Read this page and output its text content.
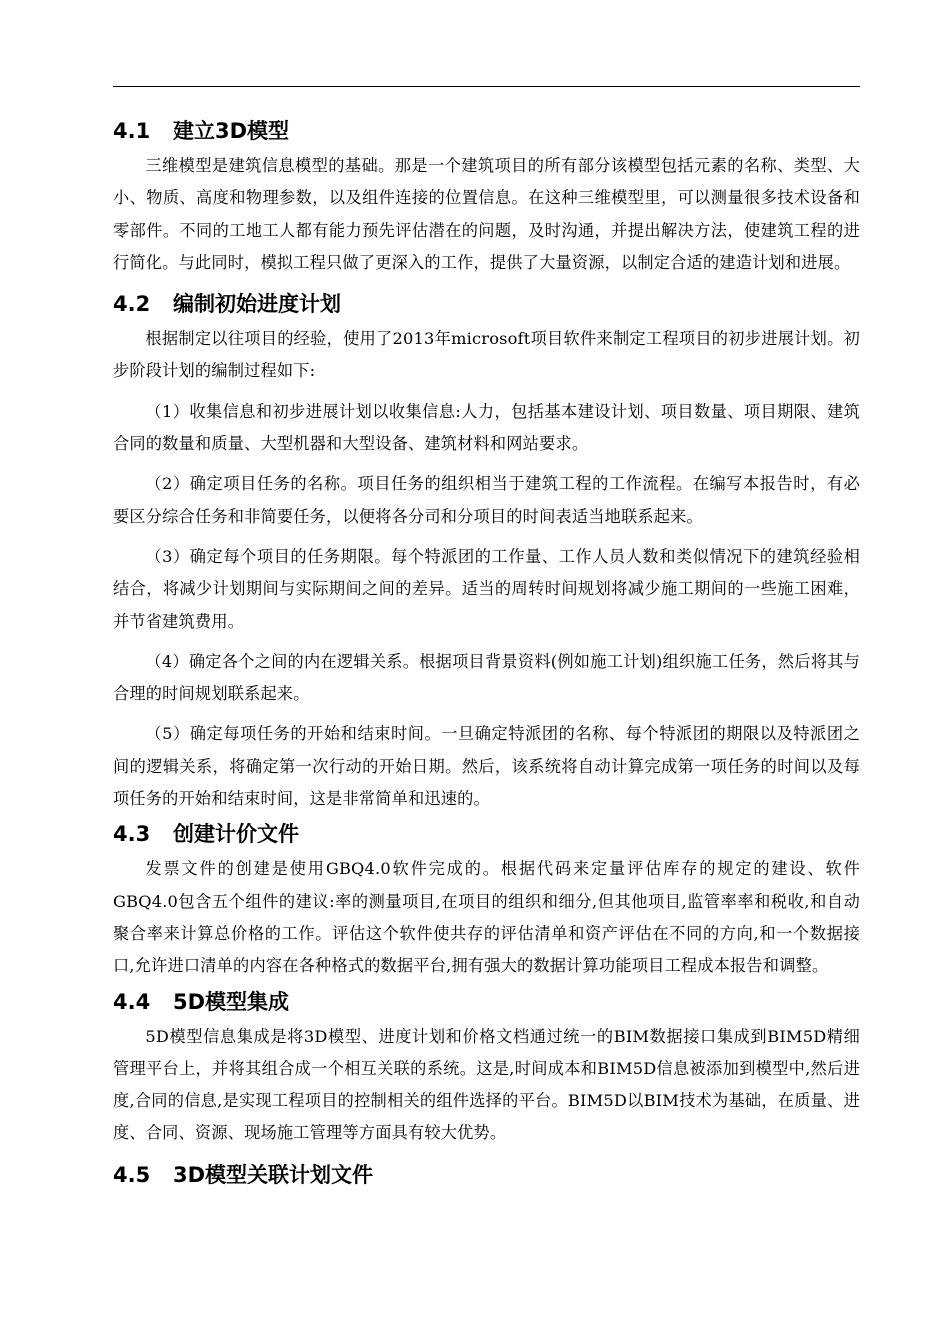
4.1 建立3D模型

三维模型是建筑信息模型的基础。那是一个建筑项目的所有部分该模型包括元素的名称、类型、大小、物质、高度和物理参数，以及组件连接的位置信息。在这种三维模型里，可以测量很多技术设备和零部件。不同的工地工人都有能力预先评估潜在的问题，及时沟通，并提出解决方法，使建筑工程的进行简化。与此同时，模拟工程只做了更深入的工作，提供了大量资源，以制定合适的建造计划和进展。

4.2 编制初始进度计划

根据制定以往项目的经验，使用了2013年microsoft项目软件来制定工程项目的初步进展计划。初步阶段计划的编制过程如下:

（1）收集信息和初步进展计划以收集信息:人力，包括基本建设计划、项目数量、项目期限、建筑合同的数量和质量、大型机器和大型设备、建筑材料和网站要求。

（2）确定项目任务的名称。项目任务的组织相当于建筑工程的工作流程。在编写本报告时，有必要区分综合任务和非简要任务，以便将各分司和分项目的时间表适当地联系起来。

（3）确定每个项目的任务期限。每个特派团的工作量、工作人员人数和类似情况下的建筑经验相结合，将减少计划期间与实际期间之间的差异。适当的周转时间规划将减少施工期间的一些施工困难，并节省建筑费用。

（4）确定各个之间的内在逻辑关系。根据项目背景资料(例如施工计划)组织施工任务，然后将其与合理的时间规划联系起来。

（5）确定每项任务的开始和结束时间。一旦确定特派团的名称、每个特派团的期限以及特派团之间的逻辑关系，将确定第一次行动的开始日期。然后，该系统将自动计算完成第一项任务的时间以及每项任务的开始和结束时间，这是非常简单和迅速的。

4.3 创建计价文件

发票文件的创建是使用GBQ4.0软件完成的。根据代码来定量评估库存的规定的建设、软件GBQ4.0包含五个组件的建议:率的测量项目,在项目的组织和细分,但其他项目,监管率率和税收,和自动聚合率来计算总价格的工作。评估这个软件使共存的评估清单和资产评估在不同的方向,和一个数据接口,允许进口清单的内容在各种格式的数据平台,拥有强大的数据计算功能项目工程成本报告和调整。

4.4 5D模型集成

5D模型信息集成是将3D模型、进度计划和价格文档通过统一的BIM数据接口集成到BIM5D精细管理平台上，并将其组合成一个相互关联的系统。这是,时间成本和BIM5D信息被添加到模型中,然后进度,合同的信息,是实现工程项目的控制相关的组件选择的平台。BIM5D以BIM技术为基础，在质量、进度、合同、资源、现场施工管理等方面具有较大优势。

4.5 3D模型关联计划文件
